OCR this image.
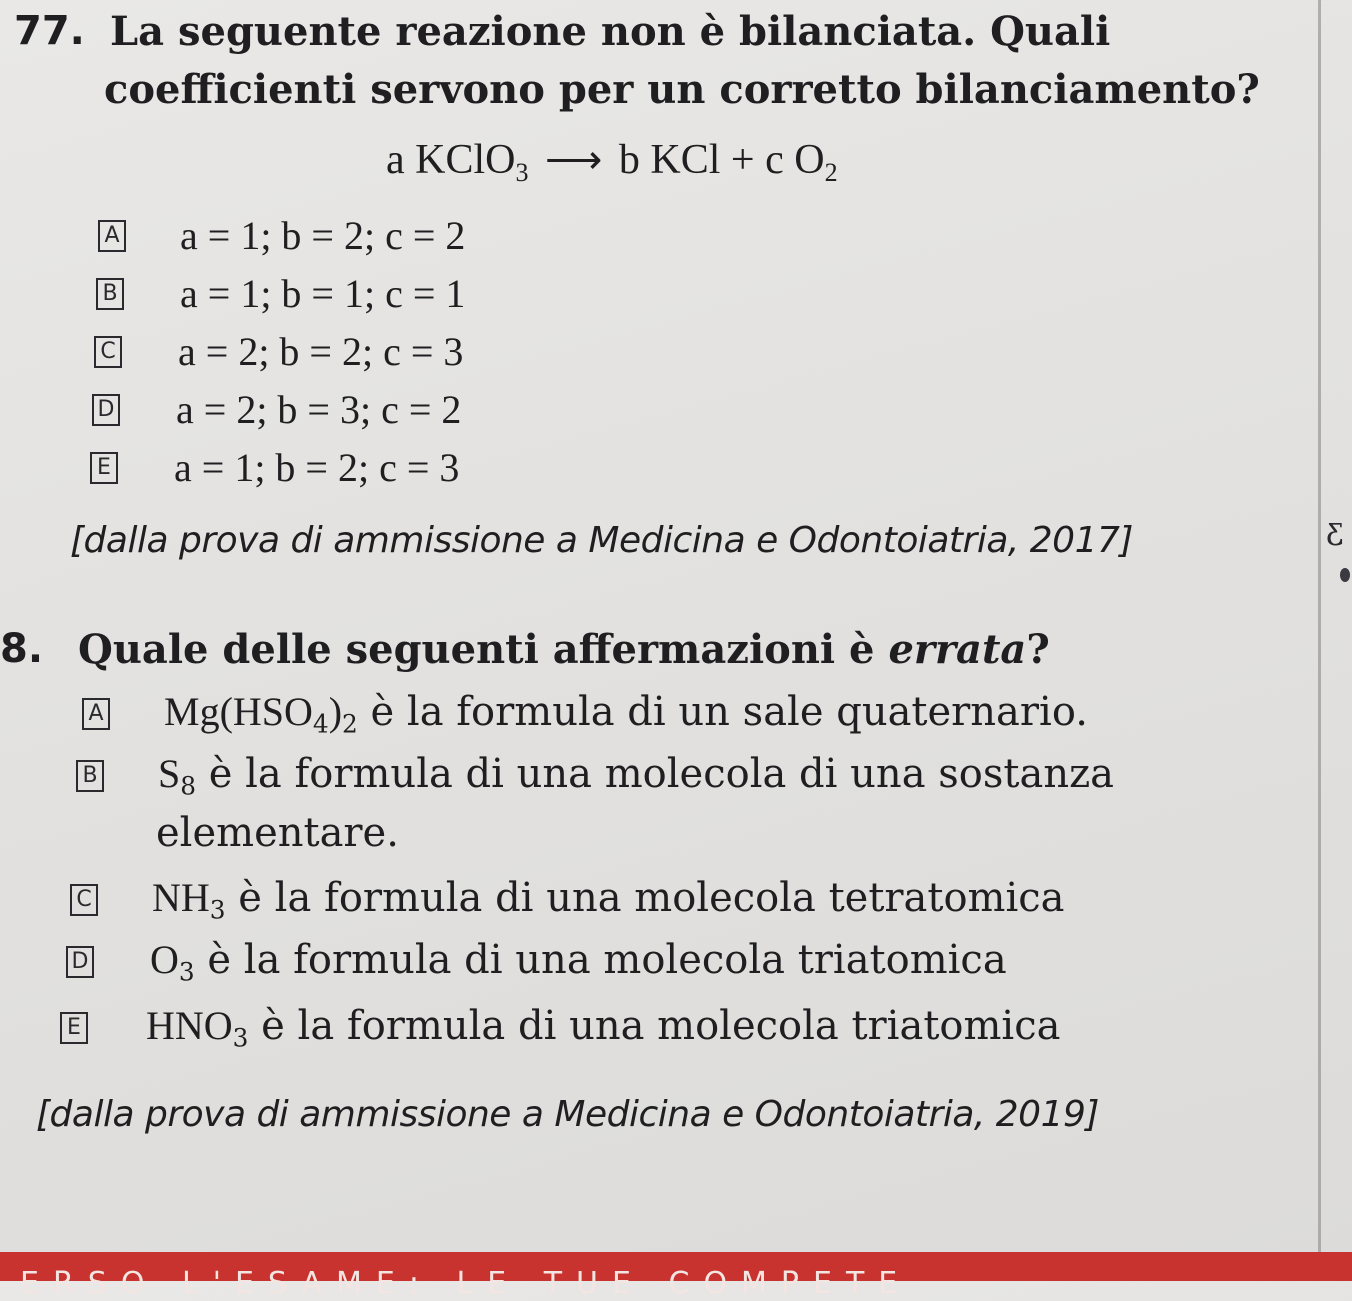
77. La seguente reazione non è bilanciata. Quali
coefficienti servono per un corretto bilanciamento?
a KClO$_3$ ⟶ b KCl + c $O_2$
A a = 1; b = 2; c = 2
B a = 1; b = 1; c = 1
C a = 2; b = 2; c = 3
D a = 2; b = 3; c = 2
E a = 1; b = 2; c = 3
[dalla prova di ammissione a Medicina e Odontoiatria, 2017]	ƹ
8. Quale delle seguenti affermazioni è errata?
A $Mg(HSO_4)_2$ è la formula di un sale quaternario.
B $S_8$ è la formula di una molecola di una sostanza
elementare.
C $NH_3$ è la formula di una molecola tetratomica
D $O_3$ è la formula di una molecola triatomica
E $HNO_3$ è la formula di una molecola triatomica
[dalla prova di ammissione a Medicina e Odontoiatria, 2019]
ERSO L'ESAME: LE TUE COMPETE
